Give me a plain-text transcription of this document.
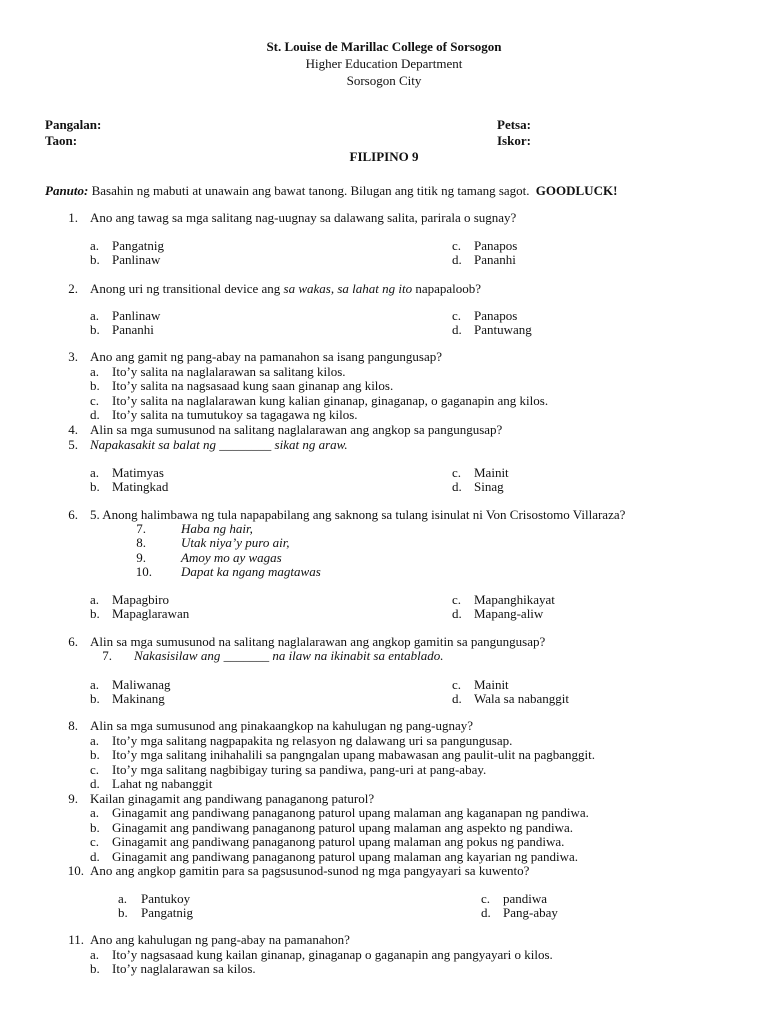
St. Louise de Marillac College of Sorsogon
Higher Education Department
Sorsogon City
Pangalan:	Petsa:
Taon:	Iskor:
FILIPINO 9
Panuto: Basahin ng mabuti at unawain ang bawat tanong. Bilugan ang titik ng tamang sagot. GOODLUCK!
1. Ano ang tawag sa mga salitang nag-uugnay sa dalawang salita, parirala o sugnay?
a. Pangatnig
b. Panlinaw
c. Panapos
d. Pananhi
2. Anong uri ng transitional device ang sa wakas, sa lahat ng ito napapaloob?
a. Panlinaw
b. Pananhi
c. Panapos
d. Pantuwang
3. Ano ang gamit ng pang-abay na pamanahon sa isang pangungusap?
a. Ito’y salita na naglalarawan sa salitang kilos.
b. Ito’y salita na nagsasaad kung saan ginanap ang kilos.
c. Ito’y salita na naglalarawan kung kalian ginanap, ginaganap, o gaganapin ang kilos.
d. Ito’y salita na tumutukoy sa tagagawa ng kilos.
4. Alin sa mga sumusunod na salitang naglalarawan ang angkop sa pangungusap?
5. Napakasakit sa balat ng ________ sikat ng araw.
a. Matimyas
b. Matingkad
c. Mainit
d. Sinag
6. 5. Anong halimbawa ng tula napapabilang ang saknong sa tulang isinulat ni Von Crisostomo Villaraza?
7.	Haba ng hair,
8.	Utak niya’y puro air,
9.	Amoy mo ay wagas
10. Dapat ka ngang magtawas
a. Mapagbiro
b. Mapaglarawan
c. Mapanghikayat
d. Mapang-aliw
6. Alin sa mga sumusunod na salitang naglalarawan ang angkop gamitin sa pangungusap?
7. Nakasisilaw ang _______ na ilaw na ikinabit sa entablado.
a. Maliwanag
b. Makinang
c. Mainit
d. Wala sa nabanggit
8. Alin sa mga sumusunod ang pinakaangkop na kahulugan ng pang-ugnay?
a. Ito’y mga salitang nagpapakita ng relasyon ng dalawang uri sa pangungusap.
b. Ito’y mga salitang inihahalili sa pangngalan upang mabawasan ang paulit-ulit na pagbanggit.
c. Ito’y mga salitang nagbibigay turing sa pandiwa, pang-uri at pang-abay.
d. Lahat ng nabanggit
9. Kailan ginagamit ang pandiwang panaganong paturol?
a. Ginagamit ang pandiwang panaganong paturol upang malaman ang kaganapan ng pandiwa.
b. Ginagamit ang pandiwang panaganong paturol upang malaman ang aspekto ng pandiwa.
c. Ginagamit ang pandiwang panaganong paturol upang malaman ang pokus ng pandiwa.
d. Ginagamit ang pandiwang panaganong paturol upang malaman ang kayarian ng pandiwa.
10. Ano ang angkop gamitin para sa pagsusunod-sunod ng mga pangyayari sa kuwento?
a. Pantukoy
b. Pangatnig
c. pandiwa
d. Pang-abay
11. Ano ang kahulugan ng pang-abay na pamanahon?
a. Ito’y nagsasaad kung kailan ginanap, ginaganap o gaganapin ang pangyayari o kilos.
b. Ito’y naglalarawan sa kilos.
